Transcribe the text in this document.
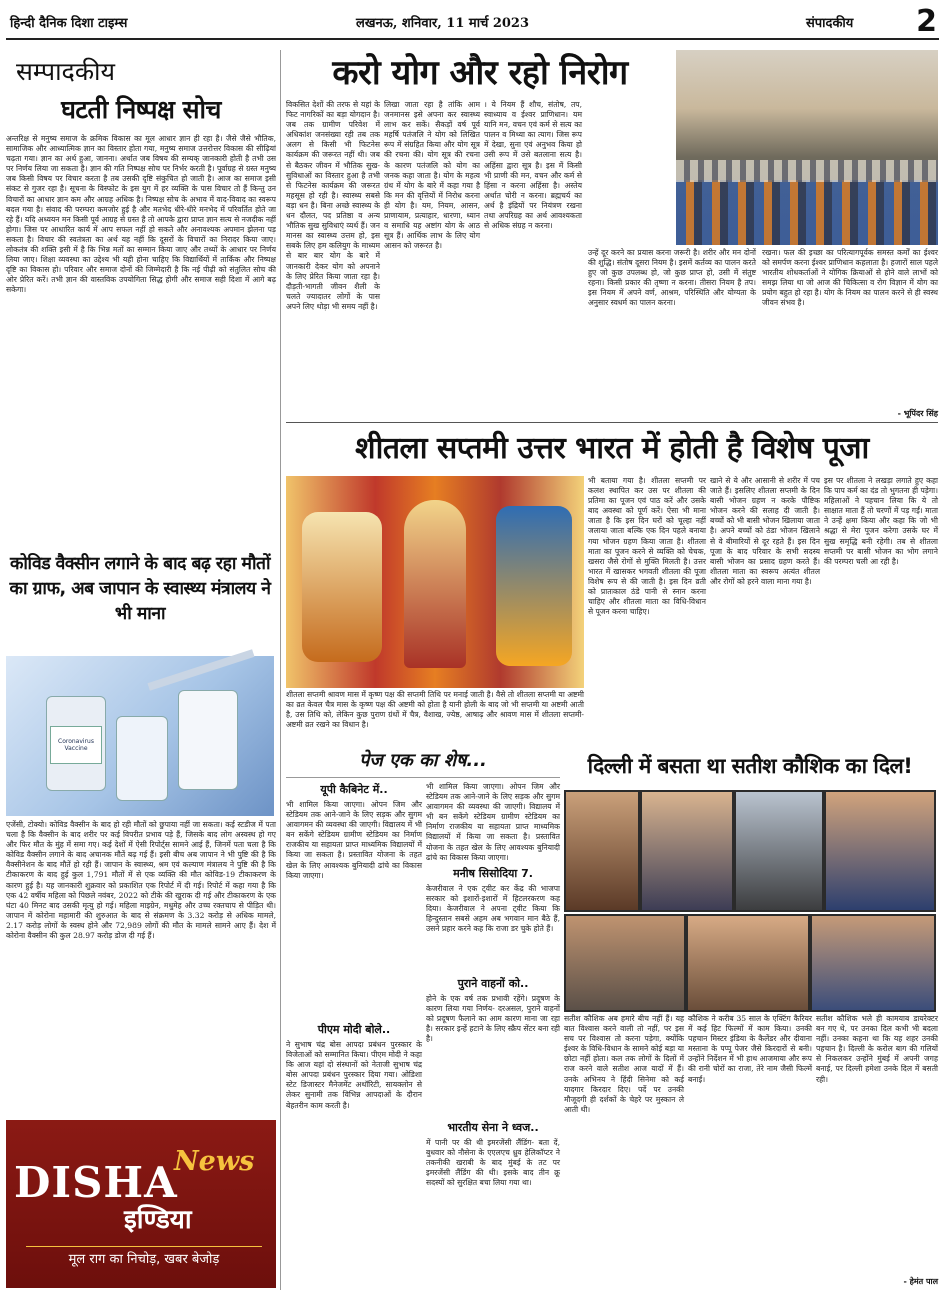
हिन्दी दैनिक दिशा टाइम्स	लखनऊ, शनिवार, 11 मार्च 2023	संपादकीय 2
सम्पादकीय
घटती निष्पक्ष सोच
अन्तरिक्ष से मनुष्य समाज के क्रमिक विकास का मूल आधार ज्ञान ही रहा है। जैसे जैसे भौतिक, सामाजिक और आध्यात्मिक ज्ञान का विस्तार होता गया, मनुष्य समाज उत्तरोत्तर विकास की सीढ़ियां चढ़ता गया। ज्ञान का अर्थ हुआ, जानना। अर्थात जब विषय की सम्यक् जानकारी होती है तभी उस पर निर्णय लिया जा सकता है। ज्ञान की गति निष्पक्ष सोच पर निर्भर करती है। पूर्वाग्रह से ग्रस्त मनुष्य जब किसी विषय पर विचार करता है तब उसकी दृष्टि संकुचित हो जाती है। आज का समाज इसी संकट से गुजर रहा है। सूचना के विस्फोट के इस युग में हर व्यक्ति के पास विचार तो हैं किन्तु उन विचारों का आधार ज्ञान कम और आग्रह अधिक है। निष्पक्ष सोच के अभाव में वाद-विवाद का स्वरूप बदल गया है। संवाद की परम्परा कमजोर हुई है और मतभेद धीरे-धीरे मनभेद में परिवर्तित होते जा रहे हैं। यदि अध्ययन मन किसी पूर्व आग्रह से ग्रस्त है तो आपके द्वारा प्राप्त ज्ञान सत्य से नजदीक नहीं होगा। जिस पर आधारित कार्य में आप सफल नहीं हो सकते और अनावश्यक अपमान झेलना पड़ सकता है। विचार की स्वतंत्रता का अर्थ यह नहीं कि दूसरों के विचारों का निरादर किया जाए। लोकतंत्र की शक्ति इसी में है कि भिन्न मतों का सम्मान किया जाए और तथ्यों के आधार पर निर्णय लिया जाए। शिक्षा व्यवस्था का उद्देश्य भी यही होना चाहिए कि विद्यार्थियों में तार्किक और निष्पक्ष दृष्टि का विकास हो। परिवार और समाज दोनों की जिम्मेदारी है कि नई पीढ़ी को संतुलित सोच की ओर प्रेरित करें। तभी ज्ञान की वास्तविक उपयोगिता सिद्ध होगी और समाज सही दिशा में आगे बढ़ सकेगा।
कोविड वैक्सीन लगाने के बाद बढ़ रहा मौतों का ग्राफ, अब जापान के स्वास्थ्य मंत्रालय ने भी माना
Coronavirus Vaccine
एजेंसी, टोक्यो। कोविड वैक्सीन के बाद हो रही मौतों को छुपाया नहीं जा सकता। कई स्टडीज में पता चला है कि वैक्सीन के बाद शरीर पर कई विपरीत प्रभाव पड़े हैं, जिसके बाद लोग अस्वस्थ हो गए और फिर मौत के मुंह में समा गए। कई देशों में ऐसी रिपोर्ट्स सामने आई हैं, जिनमें पता चला है कि कोविड वैक्सीन लगाने के बाद अचानक मौतें बढ़ गई हैं। इसी बीच अब जापान ने भी पुष्टि की है कि वैक्सीनेशन के बाद मौतें हो रही हैं। जापान के स्वास्थ्य, श्रम एवं कल्याण मंत्रालय ने पुष्टि की है कि टीकाकरण के बाद हुई कुल 1,791 मौतों में से एक व्यक्ति की मौत कोविड-19 टीकाकरण के कारण हुई है। यह जानकारी शुक्रवार को प्रकाशित एक रिपोर्ट में दी गई। रिपोर्ट में कहा गया है कि एक 42 वर्षीय महिला को पिछले नवंबर, 2022 को टीके की खुराक दी गई और टीकाकरण के एक घंटा 40 मिनट बाद उसकी मृत्यु हो गई। महिला माइग्रेन, मधुमेह और उच्च रक्तचाप से पीड़ित थी। जापान में कोरोना महामारी की शुरुआत के बाद से संक्रमण के 3.32 करोड़ से अधिक मामले, 2.17 करोड़ लोगों के स्वस्थ होने और 72,989 लोगों की मौत के मामले सामने आए हैं। देश में कोरोना वैक्सीन की कुल 28.97 करोड़ डोज दी गई हैं।
DISHA
News
इण्डिया
मूल राग का निचोड़, खबर बेजोड़
करो योग और रहो निरोग
विकसित देशों की तरफ से यहां के फिट नागरिकों का बड़ा योगदान है। जब तक ग्रामीण परिवेश में अधिकांश जनसंख्या रही तब तक अलग से किसी भी फिटनेस कार्यक्रम की जरूरत नहीं थी। जब से बैठकर जीवन में भौतिक सुख-सुविधाओं का विस्तार हुआ है तभी से फिटनेस कार्यक्रम की जरूरत महसूस हो रही है। स्वास्थ्य सबसे बड़ा धन है। बिना अच्छे स्वास्थ्य के धन दौलत, पद प्रतिष्ठा व अन्य भौतिक सुख सुविधाएं व्यर्थ हैं। जन मानस का स्वास्थ्य उत्तम हो, इस सबके लिए हम कलियुग के माध्यम से बार बार योग के बारे में जानकारी देकर योग को अपनाने के लिए प्रेरित किया जाता रहा है। दौड़ती-भागती जीवन शैली के चलते ज्यादातर लोगों के पास अपने लिए थोड़ा भी समय नहीं है।
लिखा जाता रहा है तांकि आम जनमानस इसे अपना कर स्वास्थ्य लाभ कर सकें। सैकड़ों वर्ष पूर्व महर्षि पतंजलि ने योग को लिखित रूप में संग्रहित किया और योग सूत्र की रचना की। योग सूत्र की रचना के कारण पतंजलि को योग का जनक कहा जाता है। योग के महत्व ग्रंथ में योग के बारे में कहा गया है कि मन की वृत्तियों में निरोध करना ही योग है। यम, नियम, आसन, प्राणायाम, प्रत्याहार, धारणा, ध्यान व समाधि यह अष्टांग योग के आठ सूत्र हैं। आर्थिक लाभ के लिए योग आसन को जरूरत है।
। ये नियम हैं शौच, संतोष, तप, स्वाध्याय व ईश्वर प्राणिधान। यम यानि मन, वचन एवं कर्म से सत्य का पालन व मिथ्या का त्याग। जिस रूप में देखा, सुना एवं अनुभव किया हो उसी रूप में उसे बतलाना सत्य है। अहिंसा द्वारा सूत्र है। इस में किसी भी प्राणी की मन, वचन और कर्म से हिंसा न करना अहिंसा है। अस्तेय अर्थात चोरी न करना। ब्रह्मचर्य का अर्थ है इंद्रियों पर नियंत्रण रखना तथा अपरिग्रह का अर्थ आवश्यकता से अधिक संग्रह न करना।
उन्हें दूर करने का प्रयास करना जरूरी है। शरीर और मन दोनों की शुद्धि। संतोष दूसरा नियम है। इसमें कर्तव्य का पालन करते हुए जो कुछ उपलब्ध हो, जो कुछ प्राप्त हो, उसी में संतुष्ट रहना। किसी प्रकार की तृष्णा न करना। तीसरा नियम है तप। इस नियम में अपने वर्ण, आश्रम, परिस्थिति और योग्यता के अनुसार स्वधर्म का पालन करना।
रखना। फल की इच्छा का परित्यागपूर्वक समस्त कर्मों का ईश्वर को समर्पण करना ईश्वर प्राणिधान कहलाता है। हजारों साल पहले भारतीय शोधकर्ताओं ने योगिक क्रियाओं से होने वाले लाभों को समझ लिया था जो आज की चिकित्सा व रोग विज्ञान में योग का प्रयोग बहुत हो रहा है। योग के नियम का पालन करने से ही स्वस्थ जीवन संभव है।
- भूपिंदर सिंह
शीतला सप्तमी उत्तर भारत में होती है विशेष पूजा
शीतला सप्तमी श्रावण मास में कृष्ण पक्ष की सप्तमी तिथि पर मनाई जाती है। वैसे तो शीतला सप्तमी या अष्टमी का व्रत केवल चैत्र मास के कृष्ण पक्ष की अष्टमी को होता है यानी होली के बाद जो भी सप्तमी या अष्टमी आती है, उस तिथि को, लेकिन कुछ पुराण ग्रंथों में चैत्र, वैशाख, ज्येष्ठ, आषाढ़ और श्रावण मास में शीतला सप्तमी-अष्टमी व्रत रखने का विधान है।
भी बताया गया है। शीतला सप्तमी पर कलश स्थापित कर उस पर शीतला की प्रतिमा का पूजन एवं पाठ करें और उसके बाद अवस्था को पूर्ण करें। ऐसा भी माना जाता है कि इस दिन घरों को चूल्हा नहीं जलाया जाता बल्कि एक दिन पहले बनाया गया भोजन ग्रहण किया जाता है। शीतला माता का पूजन करने से व्यक्ति को चेचक, खसरा जैसे रोगों से मुक्ति मिलती है। उत्तर भारत में खासकर भगवती शीतला की पूजा विशेष रूप से की जाती है। इस दिन व्रती को प्रातःकाल ठंडे पानी से स्नान करना चाहिए और शीतला माता का विधि-विधान से पूजन करना चाहिए।
खाने से ये और आसानी से शरीर में पच जाते हैं। इसलिए शीतला सप्तमी के दिन बासी भोजन ग्रहण न करके पौष्टिक भोजन करने की सलाह दी जाती है। बच्चों को भी बासी भोजन खिलाया जाता है। अपने बच्चों को ठंडा भोजन खिलाने से वे बीमारियों से दूर रहते हैं। इस दिन पूजा के बाद परिवार के सभी सदस्य बासी भोजन का प्रसाद ग्रहण करते हैं। शीतला माता का स्वरूप अत्यंत शीतल और रोगों को हरने वाला माना गया है।
इस पर शीतला ने लखड़ा लगाते हुए कहा कि पाप कर्म का दंड तो भुगतना ही पड़ेगा। महिलाओं ने पहचान लिया कि ये तो साक्षात माता हैं तो चरणों में पड़ गईं। माता ने उन्हें क्षमा किया और कहा कि जो भी श्रद्धा से मेरा पूजन करेगा उसके घर में सुख समृद्धि बनी रहेगी। तब से शीतला सप्तमी पर बासी भोजन का भोग लगाने की परम्परा चली आ रही है।
पेज एक का शेष...
यूपी कैबिनेट में..
भी शामिल किया जाएगा। ओपन जिम और स्टेडियम तक आने-जाने के लिए सड़क और सुगम आवागमन की व्यवस्था की जाएगी। विद्यालय में भी बन सकेंगे स्टेडियम ग्रामीण स्टेडियम का निर्माण राजकीय या सहायता प्राप्त माध्यमिक विद्यालयों में किया जा सकता है। प्रस्तावित योजना के तहत खेल के लिए आवश्यक बुनियादी ढांचे का विकास किया जाएगा।
पीएम मोदी बोले..
ने सुभाष चंद्र बोस आपदा प्रबंधन पुरस्कार के विजेताओं को सम्मानित किया। पीएम मोदी ने कहा कि आज यहां दो संस्थानों को नेताजी सुभाष चंद्र बोस आपदा प्रबंधन पुरस्कार दिया गया। ओडिशा स्टेट डिजास्टर मैनेजमेंट अथॉरिटी, सायक्लोन से लेकर सुनामी तक विभिन्न आपदाओं के दौरान बेहतरीन काम करती है।
भी शामिल किया जाएगा। ओपन जिम और स्टेडियम तक आने-जाने के लिए सड़क और सुगम आवागमन की व्यवस्था की जाएगी। विद्यालय में भी बन सकेंगे स्टेडियम ग्रामीण स्टेडियम का निर्माण राजकीय या सहायता प्राप्त माध्यमिक विद्यालयों में किया जा सकता है। प्रस्तावित योजना के तहत खेल के लिए आवश्यक बुनियादी ढांचे का विकास किया जाएगा।
मनीष सिसोदिया 7.
केजरीवाल ने एक ट्वीट कर केंद्र की भाजपा सरकार को इशारों-इशारों में हिटलरकरण कह दिया। केजरीवाल ने अपना ट्वीट किया कि हिन्दुस्तान सबसे अहम अब भगवान मान बैठे हैं, उसने प्रहार करने कह कि राजा डर चुके होते हैं।
पुराने वाहनों को..
होने के एक वर्ष तक प्रभावी रहेंगे। प्रदूषण के कारण लिया गया निर्णय- दरअसल, पुराने वाहनों को प्रदूषण फैलाने का आम कारण माना जा रहा है। सरकार इन्हें हटाने के लिए स्क्रैप सेंटर बना रही है।
भारतीय सेना ने ध्वज..
में पानी पर की थी इमरजेंसी लैंडिंग- बता दें, बुधवार को नौसेना के एएलएच ध्रुव हेलिकॉप्टर ने तकनीकी खराबी के बाद मुंबई के तट पर इमरजेंसी लैंडिंग की थी। इसके बाद तीन क्रू सदस्यों को सुरक्षित बचा लिया गया था।
दिल्ली में बसता था सतीश कौशिक का दिल!
सतीश कौशिक अब हमारे बीच नहीं हैं। यह बात विश्वास करने वाली तो नहीं, पर इस सच पर विश्वास तो करना पड़ेगा, क्योंकि ईश्वर के विधि-विधान के सामने कोई बड़ा या छोटा नहीं होता। कल तक लोगों के दिलों में राज करने वाले सतीश आज यादों में हैं। उनके अभिनय ने हिंदी सिनेमा को कई यादगार किरदार दिए। पर्दे पर उनकी मौजूदगी ही दर्शकों के चेहरे पर मुस्कान ले आती थी।
कौशिक ने करीब 35 साल के एक्टिंग कैरियर में कई हिट फिल्मों में काम किया। उनकी पहचान मिस्टर इंडिया के कैलेंडर और दीवाना मस्ताना के पप्पू पेजर जैसे किरदारों से बनी। उन्होंने निर्देशन में भी हाथ आजमाया और रूप की रानी चोरों का राजा, तेरे नाम जैसी फिल्में बनाईं।
सतीश कौशिक भले ही कामयाब डायरेक्टर बन गए थे, पर उनका दिल कभी भी बदला नहीं। उनका कहना था कि यह शहर उनकी पहचान है। दिल्ली के करोल बाग की गलियों से निकलकर उन्होंने मुंबई में अपनी जगह बनाई, पर दिल्ली हमेशा उनके दिल में बसती रही।
- हेमंत पाल
